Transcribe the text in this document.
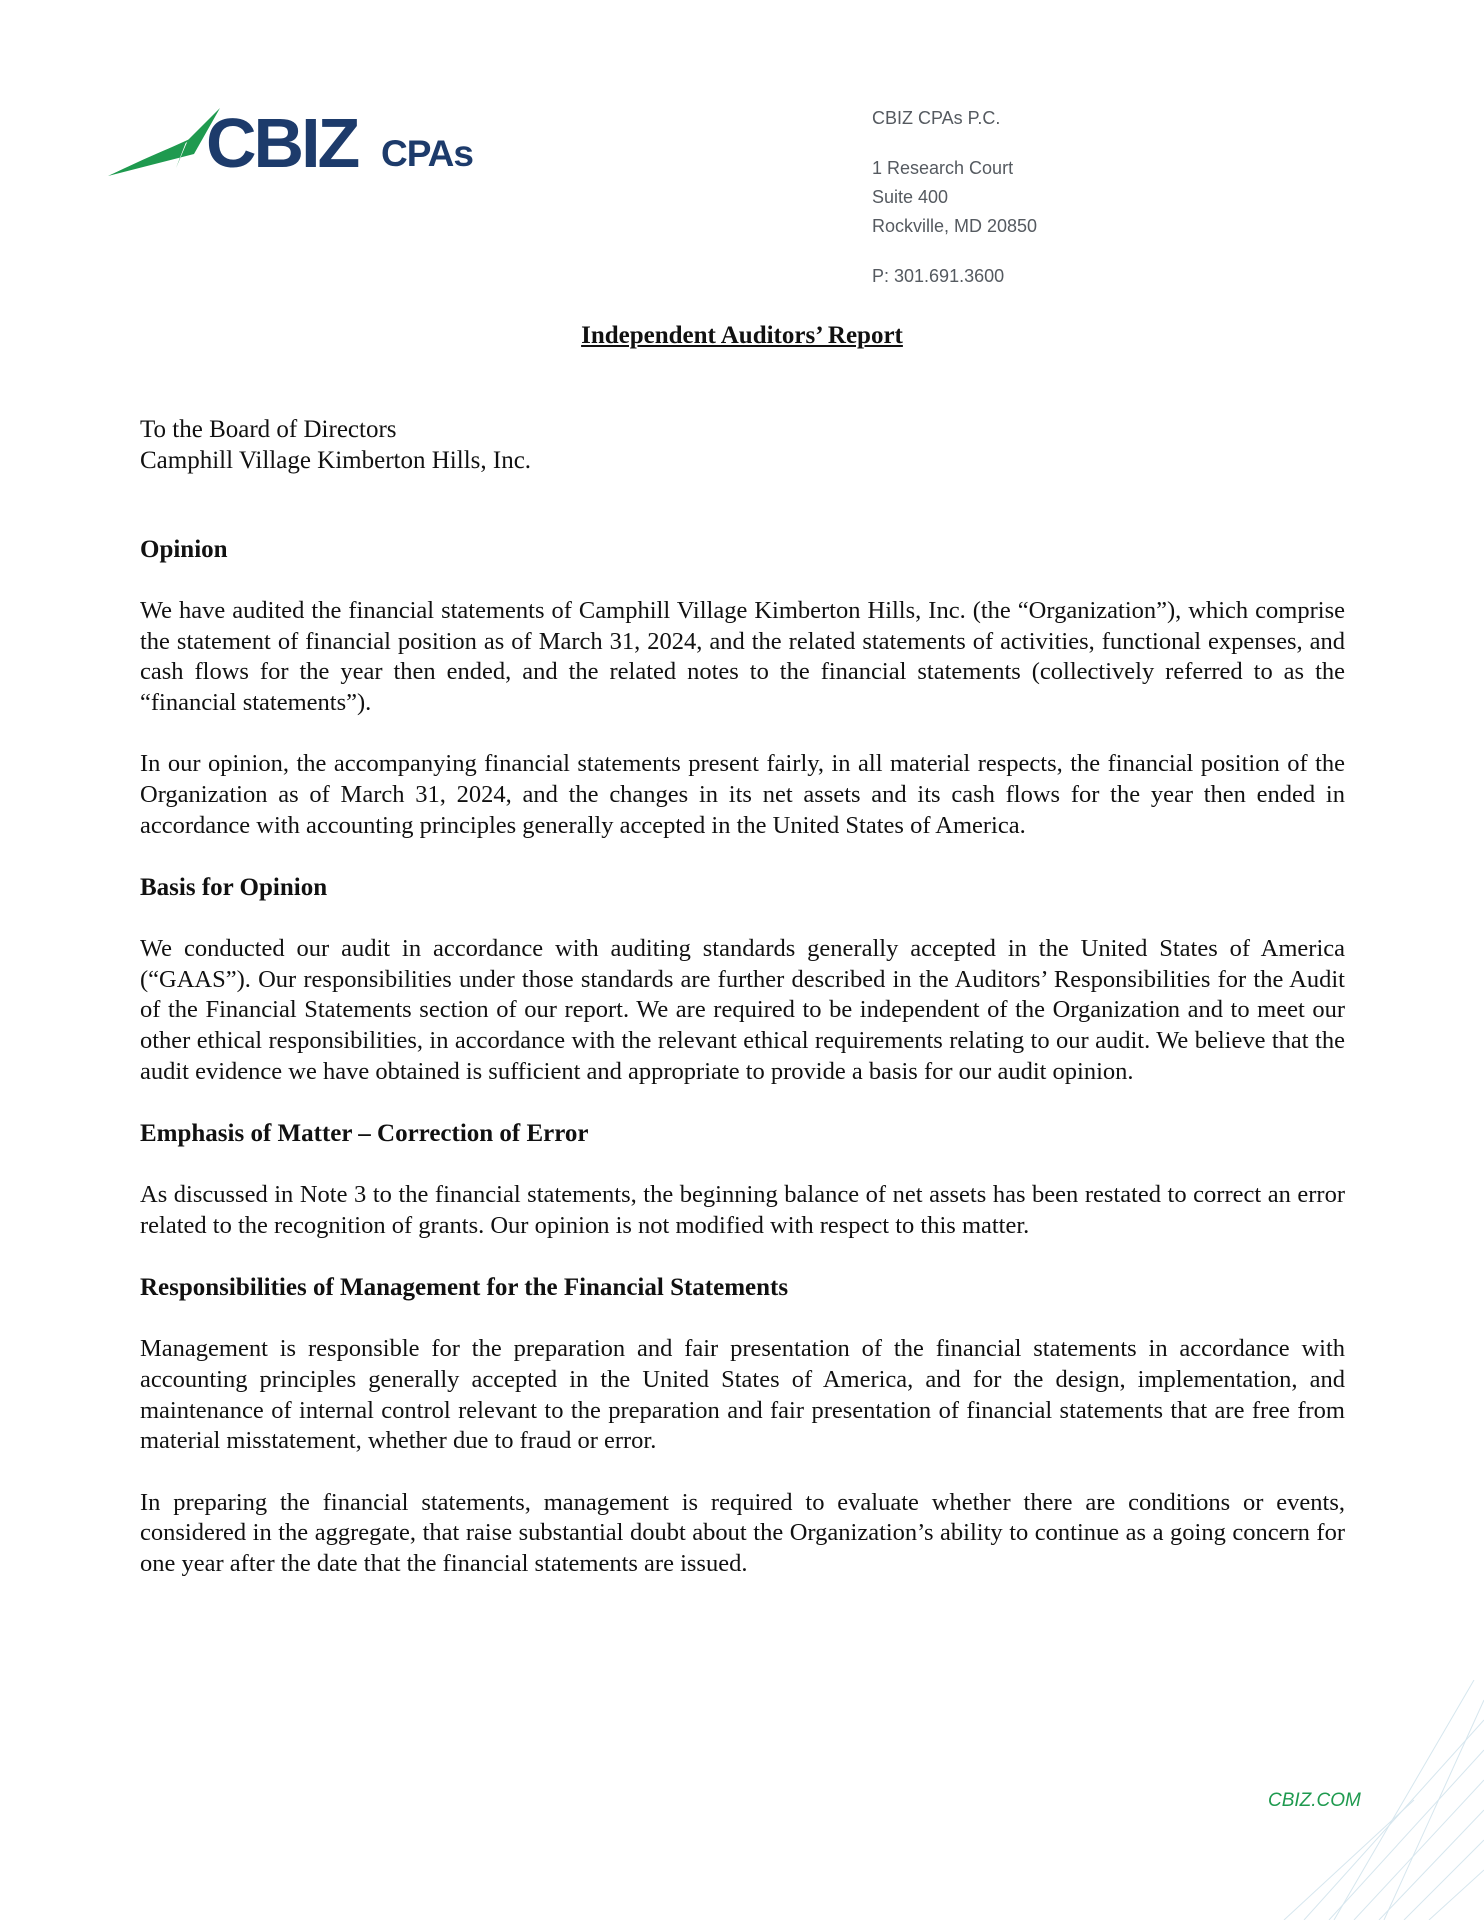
CBIZ CPAs
CBIZ CPAs P.C.
1 Research Court
Suite 400
Rockville, MD 20850
P: 301.691.3600
Independent Auditors’ Report
To the Board of Directors
Camphill Village Kimberton Hills, Inc.
Opinion

We have audited the financial statements of Camphill Village Kimberton Hills, Inc. (the “Organization”), which comprise the statement of financial position as of March 31, 2024, and the related statements of activities, functional expenses, and cash flows for the year then ended, and the related notes to the financial statements (collectively referred to as the “financial statements”).

In our opinion, the accompanying financial statements present fairly, in all material respects, the financial position of the Organization as of March 31, 2024, and the changes in its net assets and its cash flows for the year then ended in accordance with accounting principles generally accepted in the United States of America.

Basis for Opinion

We conducted our audit in accordance with auditing standards generally accepted in the United States of America (“GAAS”). Our responsibilities under those standards are further described in the Auditors’ Responsibilities for the Audit of the Financial Statements section of our report. We are required to be independent of the Organization and to meet our other ethical responsibilities, in accordance with the relevant ethical requirements relating to our audit. We believe that the audit evidence we have obtained is sufficient and appropriate to provide a basis for our audit opinion.

Emphasis of Matter – Correction of Error

As discussed in Note 3 to the financial statements, the beginning balance of net assets has been restated to correct an error related to the recognition of grants. Our opinion is not modified with respect to this matter.

Responsibilities of Management for the Financial Statements

Management is responsible for the preparation and fair presentation of the financial statements in accordance with accounting principles generally accepted in the United States of America, and for the design, implementation, and maintenance of internal control relevant to the preparation and fair presentation of financial statements that are free from material misstatement, whether due to fraud or error.

In preparing the financial statements, management is required to evaluate whether there are conditions or events, considered in the aggregate, that raise substantial doubt about the Organization’s ability to continue as a going concern for one year after the date that the financial statements are issued.

CBIZ.COM
